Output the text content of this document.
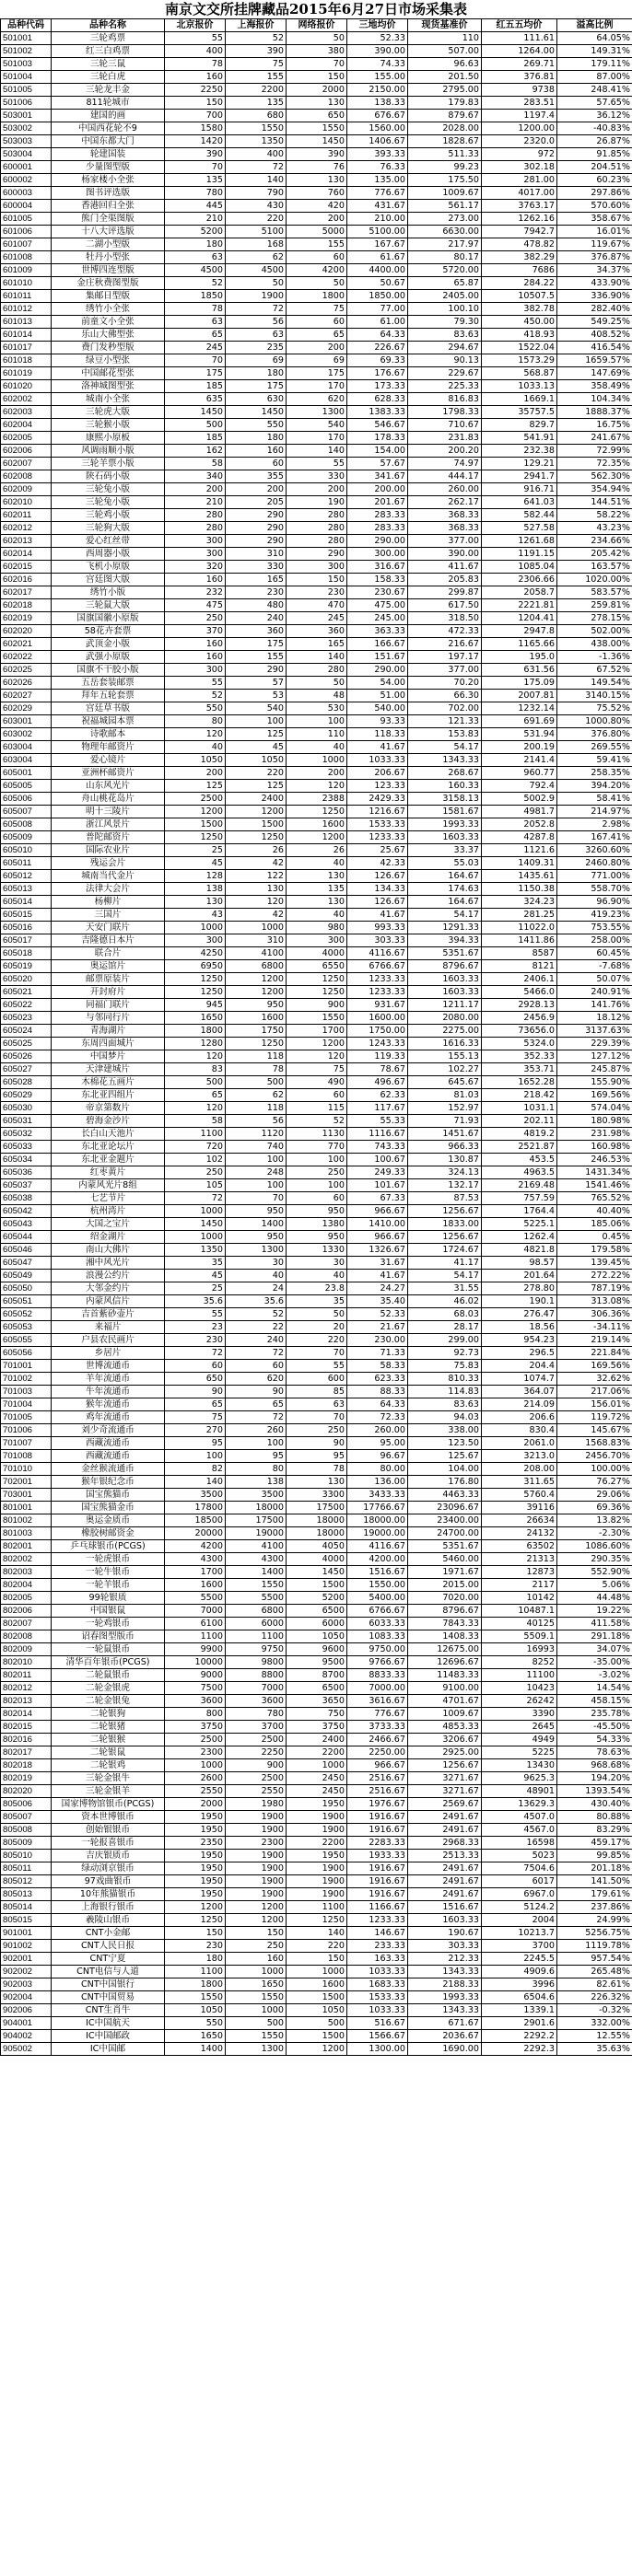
南京文交所挂牌藏品2015年6月27日市场采集表
品种代码	品种名称	北京报价	上海报价	网络报价	三地均价	现货基准价	红五五均价	溢高比例
501001	三轮鸡票	55	52	50	52.33	110	111.61	64.05%
501002	红三白鸡票	400	390	380	390.00	507.00	1264.00	149.31%
501003	三轮三鼠	78	75	70	74.33	96.63	269.71	179.11%
501004	三轮白虎	160	155	150	155.00	201.50	376.81	87.00%
501005	三轮龙丰金	2250	2200	2000	2150.00	2795.00	9738	248.41%
501006	811轮城市	150	135	130	138.33	179.83	283.51	57.65%
503001	建国的画	700	680	650	676.67	879.67	1197.4	36.12%
503002	中国西花轮不9	1580	1550	1550	1560.00	2028.00	1200.00	-40.83%
503003	中国东都大门	1420	1350	1450	1406.67	1828.67	2320.0	26.87%
503004	轮建国装	390	400	390	393.33	511.33	972	91.85%
600001	少量图型版	70	72	76	76.33	99.23	302.18	204.51%
600002	杨家楼小全张	135	140	130	135.00	175.50	281.00	60.23%
600003	图书评选版	780	790	760	776.67	1009.67	4017.00	297.86%
600004	香港回归全张	445	430	420	431.67	561.17	3763.17	570.60%
601005	熊门全渠图版	210	220	200	210.00	273.00	1262.16	358.67%
601006	十八大评选版	5200	5100	5000	5100.00	6630.00	7942.7	16.01%
601007	二湖小型版	180	168	155	167.67	217.97	478.82	119.67%
601008	牡丹小型张	63	62	60	61.67	80.17	382.29	376.87%
601009	世博四连型版	4500	4500	4200	4400.00	5720.00	7686	34.37%
601010	金庄秋费图型版	52	50	50	50.67	65.87	284.22	433.90%
601011	集邮日型版	1850	1900	1800	1850.00	2405.00	10507.5	336.90%
601012	绣竹小全张	78	72	75	77.00	100.10	382.78	282.40%
601013	前童文小全张	63	56	60	61.00	79.30	450.00	549.25%
601014	乐山大佛型张	65	63	65	64.33	83.63	418.93	408.52%
601017	费门发秒型版	245	235	200	226.67	294.67	1522.04	416.54%
601018	绿豆小型张	70	69	69	69.33	90.13	1573.29	1659.57%
601019	中国邮花型张	175	180	175	176.67	229.67	568.87	147.69%
601020	洛神城图型张	185	175	170	173.33	225.33	1033.13	358.49%
602002	城南小全张	635	630	620	628.33	816.83	1669.1	104.34%
602003	三轮虎大版	1450	1450	1300	1383.33	1798.33	35757.5	1888.37%
602004	三轮猴小版	500	550	540	546.67	710.67	829.7	16.75%
602005	康熙小原板	185	180	170	178.33	231.83	541.91	241.67%
602006	风调雨顺小版	162	160	140	154.00	200.20	232.38	72.99%
602007	三轮羊票小版	58	60	55	57.67	74.97	129.21	72.35%
602008	陕石码小版	340	355	330	341.67	444.17	2941.7	562.30%
602009	三轮兔小版	200	200	200	200.00	260.00	916.71	354.94%
602010	三轮兔小版	210	205	190	201.67	262.17	641.03	144.51%
602011	三轮鸡小版	280	290	280	283.33	368.33	582.44	58.22%
602012	三轮狗大版	280	290	280	283.33	368.33	527.58	43.23%
602013	爱心红丝带	300	290	280	290.00	377.00	1261.68	234.66%
602014	西周器小版	300	310	290	300.00	390.00	1191.15	205.42%
602015	飞机小原版	320	330	300	316.67	411.67	1085.04	163.57%
602016	宫廷图大版	160	165	150	158.33	205.83	2306.66	1020.00%
602017	绣竹小版	232	230	230	230.67	299.87	2058.7	583.57%
602018	三轮鼠大版	475	480	470	475.00	617.50	2221.81	259.81%
602019	国旗国徽小原版	250	240	245	245.00	318.50	1204.41	278.15%
602020	58花卉套票	370	360	360	363.33	472.33	2947.8	502.00%
602021	武顶金小版	160	175	165	166.67	216.67	1165.66	438.00%
602022	武强小原版	160	155	140	151.67	197.17	195.0	-1.36%
602025	国旗不干胶小版	300	290	280	290.00	377.00	631.56	67.52%
602026	五岳套装邮票	55	57	50	54.00	70.20	175.09	149.54%
602027	拜年五轮套票	52	53	48	51.00	66.30	2007.81	3140.15%
602029	宫廷草书版	550	540	530	540.00	702.00	1232.14	75.52%
603001	祝福城园本票	80	100	100	93.33	121.33	691.69	1000.80%
603002	诗歌邮本	120	125	110	118.33	153.83	531.94	376.80%
603004	物理年邮资片	40	45	40	41.67	54.17	200.19	269.55%
603004	爱心镜片	1050	1050	1000	1033.33	1343.33	2141.4	59.41%
605001	亚洲杯邮资片	200	220	200	206.67	268.67	960.77	258.35%
605005	山东风光片	125	125	120	123.33	160.33	792.4	394.20%
605006	舟山桃花岛片	2500	2400	2388	2429.33	3158.13	5002.9	58.41%
605007	明十三陵片	1200	1200	1250	1216.67	1581.67	4981.7	214.97%
605008	浙江风景片	1500	1500	1600	1533.33	1993.33	2052.8	2.98%
605009	普陀邮资片	1250	1250	1200	1233.33	1603.33	4287.8	167.41%
605010	国际农业片	25	26	26	25.67	33.37	1121.6	3260.60%
605011	残运会片	45	42	40	42.33	55.03	1409.31	2460.80%
605012	城南当代金片	128	122	130	126.67	164.67	1435.61	771.00%
605013	法律大会片	138	130	135	134.33	174.63	1150.38	558.70%
605014	杨柳片	130	120	130	126.67	164.67	324.23	96.90%
605015	三国片	43	42	40	41.67	54.17	281.25	419.23%
605016	天安门联片	1000	1000	980	993.33	1291.33	11022.0	753.55%
605017	吉隆德日本片	300	310	300	303.33	394.33	1411.86	258.00%
605018	联合片	4250	4100	4000	4116.67	5351.67	8587	60.45%
605019	奥运馆片	6950	6800	6550	6766.67	8796.67	8121	-7.68%
605020	邮票原装片	1250	1200	1250	1233.33	1603.33	2406.1	50.07%
605021	开封府片	1250	1200	1250	1233.33	1603.33	5466.0	240.91%
605022	同福门联片	945	950	900	931.67	1211.17	2928.13	141.76%
605023	与邻同行片	1650	1600	1550	1600.00	2080.00	2456.9	18.12%
605024	青海湖片	1800	1750	1700	1750.00	2275.00	73656.0	3137.63%
605025	东周四面城片	1280	1250	1200	1243.33	1616.33	5324.0	229.39%
605026	中国梦片	120	118	120	119.33	155.13	352.33	127.12%
605027	天津建城片	83	78	75	78.67	102.27	353.71	245.87%
605028	木棉花五画片	500	500	490	496.67	645.67	1652.28	155.90%
605029	东北亚四组片	65	62	60	62.33	81.03	218.42	169.56%
605030	帝京第数片	120	118	115	117.67	152.97	1031.1	574.04%
605031	碧海金沙片	58	56	52	55.33	71.93	202.11	180.98%
605032	长白山天池片	1100	1120	1130	1116.67	1451.67	4819.2	231.98%
605033	东北亚论坛片	720	740	770	743.33	966.33	2521.87	160.98%
605034	东北亚金题片	102	100	100	100.67	130.87	453.5	246.53%
605036	红枣黄片	250	248	250	249.33	324.13	4963.5	1431.34%
605037	内蒙风光片8组	105	100	100	101.67	132.17	2169.48	1541.46%
605038	七艺节片	72	70	60	67.33	87.53	757.59	765.52%
605042	杭州湾片	1000	950	950	966.67	1256.67	1764.4	40.40%
605043	大国之宝片	1450	1400	1380	1410.00	1833.00	5225.1	185.06%
605044	绍金湖片	1000	950	950	966.67	1256.67	1262.4	0.45%
605046	南山大佛片	1350	1300	1330	1326.67	1724.67	4821.8	179.58%
605047	湘中风光片	35	30	30	31.67	41.17	98.57	139.45%
605049	浪漫公约片	45	40	40	41.67	54.17	201.64	272.22%
605050	大邻金约片	25	24	23.8	24.27	31.55	278.80	787.19%
605051	内蒙风信片	35.6	35.6	35	35.40	46.02	190.1	313.08%
605052	吉首紫砂壶片	55	52	50	52.33	68.03	276.47	306.36%
605053	来福片	23	22	20	21.67	28.17	18.56	-34.11%
605055	户县农民画片	230	240	220	230.00	299.00	954.23	219.14%
605056	乡居片	72	72	70	71.33	92.73	296.5	221.84%
701001	世博流通币	60	60	55	58.33	75.83	204.4	169.56%
701002	羊年流通币	650	620	600	623.33	810.33	1074.7	32.62%
701003	牛年流通币	90	90	85	88.33	114.83	364.07	217.06%
701004	猴年流通币	65	65	63	64.33	83.63	214.09	156.01%
701005	鸡年流通币	75	72	70	72.33	94.03	206.6	119.72%
701006	刘少奇流通币	270	260	250	260.00	338.00	830.4	145.67%
701007	西藏流通币	95	100	90	95.00	123.50	2061.0	1568.83%
701008	西藏流通币	100	95	95	96.67	125.67	3213.0	2456.70%
701010	金丝猴流通币	82	80	78	80.00	104.00	208.00	100.00%
702001	猴年银纪念币	140	138	130	136.00	176.80	311.65	76.27%
703001	国宝熊猫币	3500	3500	3300	3433.33	4463.33	5760.4	29.06%
801001	国宝熊猫金币	17800	18000	17500	17766.67	23096.67	39116	69.36%
801002	奥运金质币	18500	17500	18000	18000.00	23400.00	26634	13.82%
801003	橡胶树邮资金	20000	19000	18000	19000.00	24700.00	24132	-2.30%
802001	乒乓球银币(PCGS)	4200	4100	4050	4116.67	5351.67	63502	1086.60%
802002	一轮虎银币	4300	4300	4000	4200.00	5460.00	21313	290.35%
802003	一轮牛银币	1700	1400	1450	1516.67	1971.67	12873	552.90%
802004	一轮羊银币	1600	1550	1500	1550.00	2015.00	2117	5.06%
802005	99轮银质	5500	5500	5200	5400.00	7020.00	10142	44.48%
802006	中国银鼠	7000	6800	6500	6766.67	8796.67	10487.1	19.22%
802007	一轮鸡银币	6100	6000	6000	6033.33	7843.33	40125	411.58%
802008	诏春图型版币	1100	1100	1050	1083.33	1408.33	5509.1	291.18%
802009	一轮鼠银币	9900	9750	9600	9750.00	12675.00	16993	34.07%
802010	清华百年银币(PCGS)	10000	9800	9500	9766.67	12696.67	8252	-35.00%
802011	二轮鼠银币	9000	8800	8700	8833.33	11483.33	11100	-3.02%
802012	二轮金银虎	7500	7000	6500	7000.00	9100.00	10423	14.54%
802013	二轮金银兔	3600	3600	3650	3616.67	4701.67	26242	458.15%
802014	二轮银狗	800	780	750	776.67	1009.67	3390	235.78%
802015	二轮银猪	3750	3700	3750	3733.33	4853.33	2645	-45.50%
802016	二轮银猴	2500	2500	2400	2466.67	3206.67	4949	54.33%
802017	二轮银鼠	2300	2250	2200	2250.00	2925.00	5225	78.63%
802018	二轮银鸡	1000	900	1000	966.67	1256.67	13430	968.68%
802019	三轮金银牛	2600	2500	2450	2516.67	3271.67	9625.3	194.20%
802020	三轮金银羊	2550	2550	2450	2516.67	3271.67	48901	1393.54%
805006	国家博物馆银币(PCGS)	2000	1980	1950	1976.67	2569.67	13629.3	430.40%
805007	资本世博银币	1950	1900	1900	1916.67	2491.67	4507.0	80.88%
805008	创始银银币	1950	1900	1900	1916.67	2491.67	4567.0	83.29%
805009	一轮报喜银币	2350	2300	2200	2283.33	2968.33	16598	459.17%
805010	吉庆银质币	1950	1900	1950	1933.33	2513.33	5023	99.85%
805011	绿动浏京银币	1950	1900	1900	1916.67	2491.67	7504.6	201.18%
805012	97戏曲银币	1950	1900	1900	1916.67	2491.67	6017	141.50%
805013	10年熊猫银币	1950	1900	1900	1916.67	2491.67	6967.0	179.61%
805014	上海银行银币	1200	1200	1100	1166.67	1516.67	5124.2	237.86%
805015	羲陵山银币	1250	1200	1250	1233.33	1603.33	2004	24.99%
901001	CNT小金邮	150	150	140	146.67	190.67	10213.7	5256.75%
901002	CNT人民日报	230	250	220	233.33	303.33	3700	1119.78%
902001	CNT宁夏	180	160	150	163.33	212.33	2245.5	957.54%
902002	CNT电信与人道	1100	1000	1000	1033.33	1343.33	4909.6	265.48%
902003	CNT中国银行	1800	1650	1600	1683.33	2188.33	3996	82.61%
902004	CNT中国贸易	1550	1550	1500	1533.33	1993.33	6504.6	226.32%
902006	CNT生肖牛	1050	1000	1050	1033.33	1343.33	1339.1	-0.32%
904001	IC中国航天	550	500	500	516.67	671.67	2901.6	332.00%
904002	IC中国邮政	1650	1550	1500	1566.67	2036.67	2292.2	12.55%
905002	IC中国邮	1400	1300	1200	1300.00	1690.00	2292.3	35.63%
